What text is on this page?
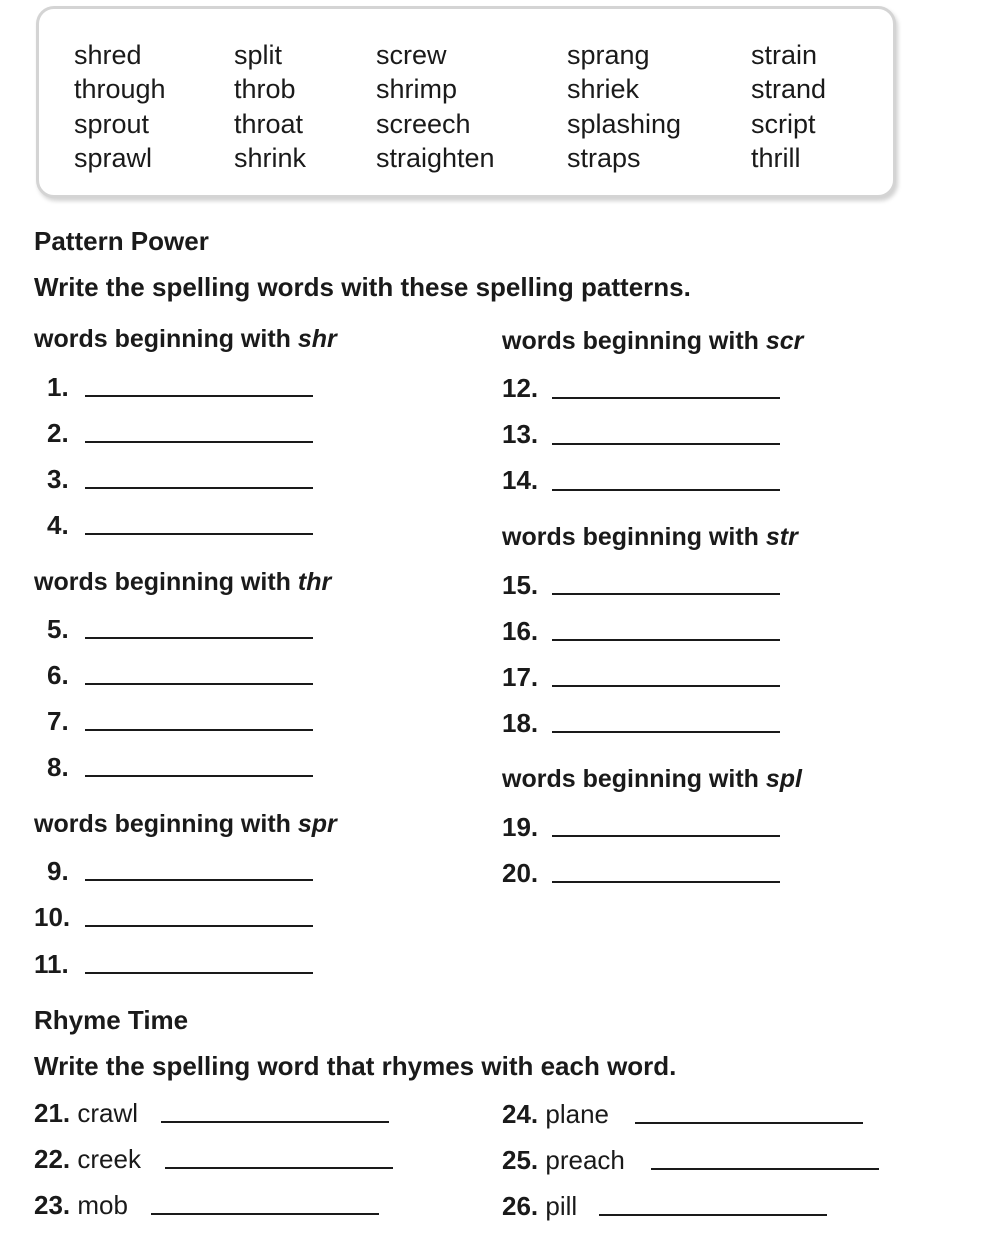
shred
through
sprout
sprawl
split
throb
throat
shrink
screw
shrimp
screech
straighten
sprang
shriek
splashing
straps
strain
strand
script
thrill
Pattern Power
Write the spelling words with these spelling patterns.
words beginning with shr
1.
2.
3.
4.
words beginning with thr
5.
6.
7.
8.
words beginning with spr
9.
10.
11.
words beginning with scr
12.
13.
14.
words beginning with str
15.
16.
17.
18.
words beginning with spl
19.
20.
Rhyme Time
Write the spelling word that rhymes with each word.
21. crawl
22. creek
23. mob
24. plane
25. preach
26. pill
